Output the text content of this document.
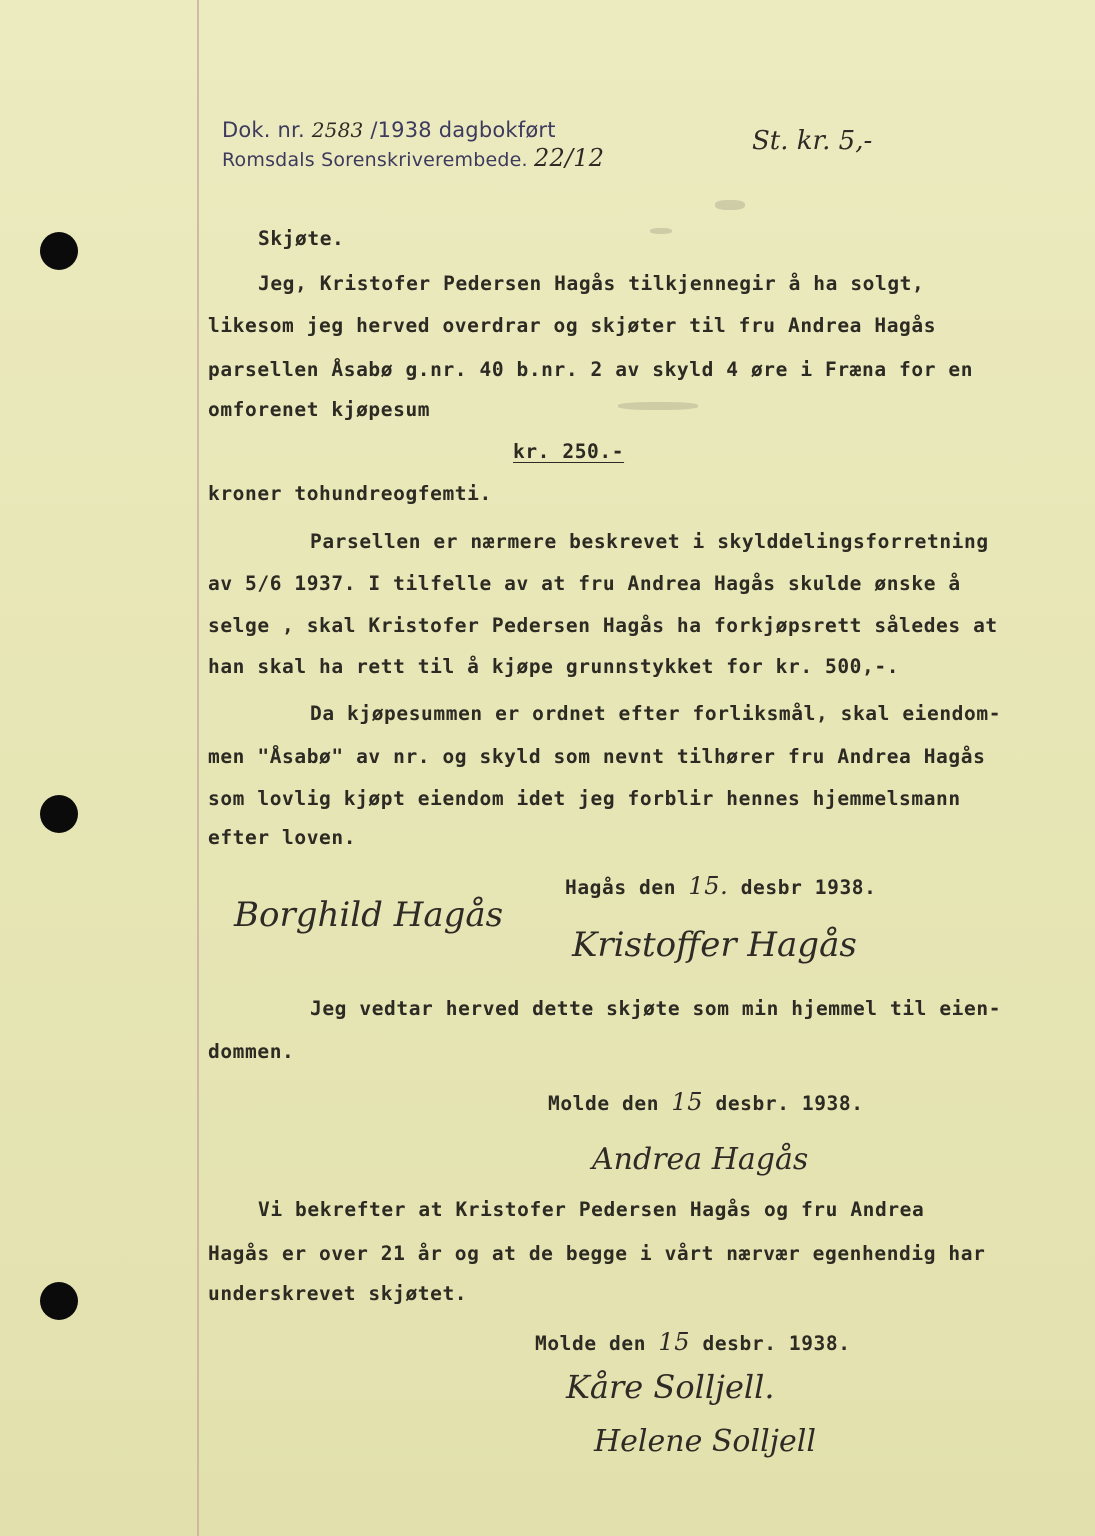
Dok. nr. 2583 /1938 dagbokført
Romsdals Sorenskriverembede. 22/12
St. kr. 5,-
Skjøte.
Jeg, Kristofer Pedersen Hagås tilkjennegir å ha solgt,
likesom jeg herved overdrar og skjøter til fru Andrea Hagås
parsellen Åsabø g.nr. 40 b.nr. 2 av skyld 4 øre i Fræna for en
omforenet kjøpesum
kr. 250.-
kroner tohundreogfemti.
Parsellen er nærmere beskrevet i skylddelingsforretning
av 5/6 1937. I tilfelle av at fru Andrea Hagås skulde ønske å
selge , skal Kristofer Pedersen Hagås ha forkjøpsrett således at
han skal ha rett til å kjøpe grunnstykket for kr. 500,-.
Da kjøpesummen er ordnet efter forliksmål, skal eiendom-
men "Åsabø" av nr. og skyld som nevnt tilhører fru Andrea Hagås
som lovlig kjøpt eiendom idet jeg forblir hennes hjemmelsmann
efter loven.
Hagås den 15. desbr 1938.
Borghild Hagås
Kristoffer Hagås
Jeg vedtar herved dette skjøte som min hjemmel til eien-
dommen.
Molde den 15 desbr. 1938.
Andrea Hagås
Vi bekrefter at Kristofer Pedersen Hagås og fru Andrea
Hagås er over 21 år og at de begge i vårt nærvær egenhendig har
underskrevet skjøtet.
Molde den 15 desbr. 1938.
Kåre Solljell.
Helene Solljell
